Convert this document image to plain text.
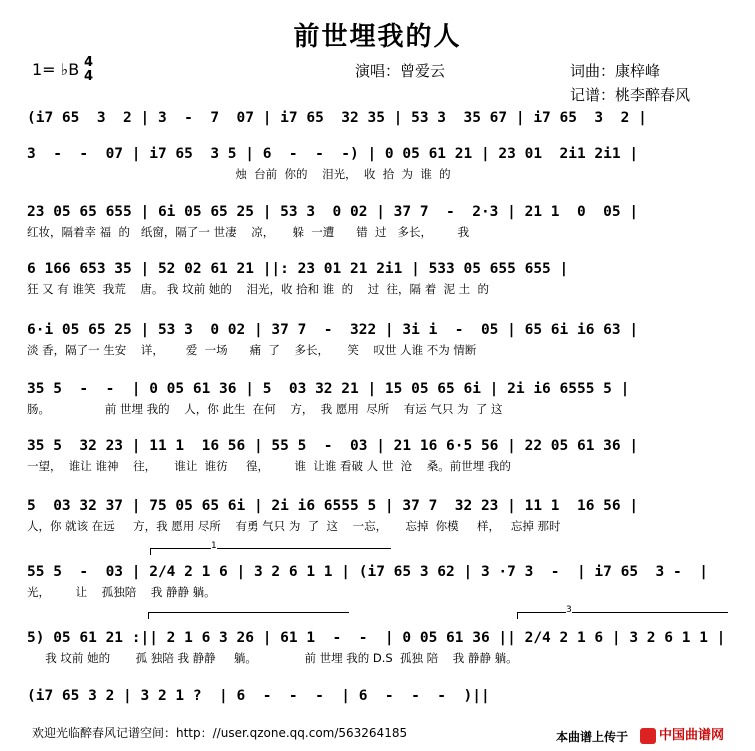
前世埋我的人
1= ♭B 4
4	演唱：曾爱云	词曲：康梓峰
记谱：桃李醉春风
(i7 65  3  2 | 3  -  7  07 | i7 65  32 35 | 53 3  35 67 | i7 65  3  2 |
3  -  -  07 | i7 65  3 5 | 6  -  -  -) | 0 05 61 21 | 23 01  2i1 2i1 |
烛  台前  你的    泪光，  收  拾  为  谁  的
23 05 65 655 | 6i 05 65 25 | 53 3  0 02 | 37 7  -  2·3 | 21 1  0  05 |
红妆，隔着幸 福  的   纸窗，隔了一 世凄    凉，     躲  一遭      错  过   多长，       我
6 166 653 35 | 52 02 61 21 ||: 23 01 21 2i1 | 533 05 655 655 |
狂 又 有 谁笑  我荒    唐。 我 坟前 她的    泪光，收 拾和 谁  的    过  往，隔 着  泥 土  的
6·i 05 65 25 | 53 3  0 02 | 37 7  -  322 | 3i i  -  05 | 65 6i i6 63 |
淡 香，隔了一 生安    详，      爱  一场      痛  了    多长，     笑    叹世 人谁 不为 情断
35 5  -  -  | 0 05 61 36 | 5  03 32 21 | 15 05 65 6i | 2i i6 6555 5 |
肠。               前 世埋 我的    人，你 此生  在何    方，  我 愿用  尽所    有运 气只 为  了 这
35 5  32 23 | 11 1  16 56 | 55 5  -  03 | 21 16 6·5 56 | 22 05 61 36 |
一望，  谁让 谁神    往，     谁让  谁彷     徨，       谁  让谁 看破 人 世  沧    桑。前世埋 我的
5  03 32 37 | 75 05 65 6i | 2i i6 6555 5 | 37 7  32 23 | 11 1  16 56 |
人，你 就该 在远     方，我 愿用 尽所    有勇 气只 为  了  这    一忘，     忘掉  你模     样，   忘掉 那时
1
55 5  -  03 | 2/4 2 1 6 | 3 2 6 1 1 | (i7 65 3 62 | 3 ·7 3  -  | i7 65  3 -  |
光，       让    孤独陪    我 静静 躺。
3
5) 05 61 21 :|| 2 1 6 3 26 | 61 1  -  -  | 0 05 61 36 || 2/4 2 1 6 | 3 2 6 1 1 |
我 坟前 她的       孤 独陪 我 静静     躺。             前 世埋 我的 D.S  孤独 陪    我 静静 躺。
(i7 65 3 2 | 3 2 1 ?  | 6  -  -  -  | 6  -  -  -  )||
欢迎光临醉春风记谱空间：http：//user.qzone.qq.com/563264185	本曲谱上传于	中国曲谱网
